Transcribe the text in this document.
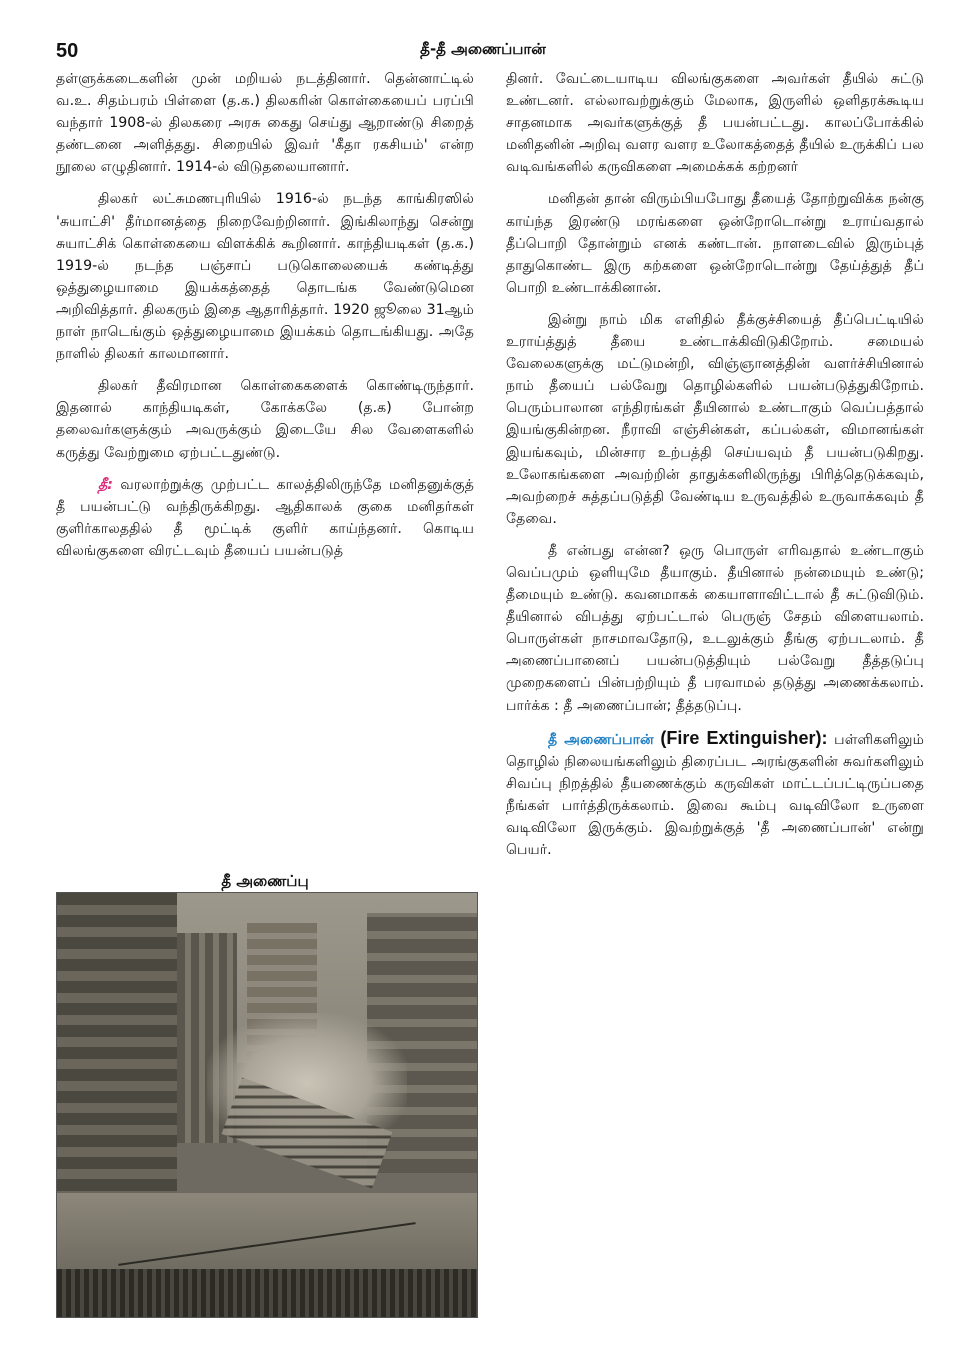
50	தீ-தீ அணைப்பான்

தள்ளுக்கடைகளின் முன் மறியல் நடத்தினார். தென்னாட்டில் வ.உ. சிதம்பரம் பிள்ளை (த.க.) திலகரின் கொள்கையைப் பரப்பி வந்தார் 1908-ல் திலகரை அரசு கைது செய்து ஆறாண்டு சிறைத் தண்டனை அளித்தது. சிறையில் இவர் 'கீதா ரகசியம்' என்ற நூலை எழுதினார். 1914-ல் விடுதலையானார்.

திலகர் லட்சுமணபுரியில் 1916-ல் நடந்த காங்கிரஸில் 'சுயாட்சி' தீர்மானத்தை நிறைவேற்றினார். இங்கிலாந்து சென்று சுயாட்சிக் கொள்கையை விளக்கிக் கூறினார். காந்தியடிகள் (த.க.) 1919-ல் நடந்த பஞ்சாப் படுகொலையைக் கண்டித்து ஒத்துழையாமை இயக்கத்தைத் தொடங்க வேண்டுமென அறிவித்தார். திலகரும் இதை ஆதாரித்தார். 1920 ஜூலை 31ஆம் நாள் நாடெங்கும் ஒத்துழையாமை இயக்கம் தொடங்கியது. அதே நாளில் திலகர் காலமானார்.

திலகர் தீவிரமான கொள்கைகளைக் கொண்டிருந்தார். இதனால் காந்தியடிகள், கோக்கலே (த.க) போன்ற தலைவர்களுக்கும் அவருக்கும் இடையே சில வேளைகளில் கருத்து வேற்றுமை ஏற்பட்டதுண்டு.

தீ: வரலாற்றுக்கு முற்பட்ட காலத்திலிருந்தே மனிதனுக்குத் தீ பயன்பட்டு வந்திருக்கிறது. ஆதிகாலக் குகை மனிதர்கள் குளிர்காலததில் தீ மூட்டிக் குளிர் காய்ந்தனர். கொடிய விலங்குகளை விரட்டவும் தீயைப் பயன்படுத்

தீ அணைப்பு

தினர். வேட்டையாடிய விலங்குகளை அவர்கள் தீயில் சுட்டு உண்டனர். எல்லாவற்றுக்கும் மேலாக, இருளில் ஒளிதரக்கூடிய சாதனமாக அவர்களுக்குத் தீ பயன்பட்டது. காலப்போக்கில் மனிதனின் அறிவு வளர வளர உலோகத்தைத் தீயில் உருக்கிப் பல வடிவங்களில் கருவிகளை அமைக்கக் கற்றனர்

மனிதன் தான் விரும்பியபோது தீயைத் தோற்றுவிக்க நன்கு காய்ந்த இரண்டு மரங்களை ஒன்றோடொன்று உராய்வதால் தீப்பொறி தோன்றும் எனக் கண்டான். நாளடைவில் இரும்புத் தாதுகொண்ட இரு கற்களை ஒன்றோடொன்று தேய்த்துத் தீப் பொறி உண்டாக்கினான்.

இன்று நாம் மிக எளிதில் தீக்குச்சியைத் தீப்பெட்டியில் உராய்த்துத் தீயை உண்டாக்கிவிடுகிறோம். சமையல் வேலைகளுக்கு மட்டுமன்றி, விஞ்ஞானத்தின் வளர்ச்சியினால் நாம் தீயைப் பல்வேறு தொழில்களில் பயன்படுத்துகிறோம். பெரும்பாலான எந்திரங்கள் தீயினால் உண்டாகும் வெப்பத்தால் இயங்குகின்றன. நீராவி எஞ்சின்கள், கப்பல்கள், விமானங்கள் இயங்கவும், மின்சார உற்பத்தி செய்யவும் தீ பயன்படுகிறது. உலோகங்களை அவற்றின் தாதுக்களிலிருந்து பிரித்தெடுக்கவும், அவற்றைச் சுத்தப்படுத்தி வேண்டிய உருவத்தில் உருவாக்கவும் தீ தேவை.

தீ என்பது என்ன? ஒரு பொருள் எரிவதால் உண்டாகும் வெப்பமும் ஒளியுமே தீயாகும். தீயினால் நன்மையும் உண்டு; தீமையும் உண்டு. கவனமாகக் கையாளாவிட்டால் தீ சுட்டுவிடும். தீயினால் விபத்து ஏற்பட்டால் பெருஞ் சேதம் விளையலாம். பொருள்கள் நாசமாவதோடு, உடலுக்கும் தீங்கு ஏற்படலாம். தீ அணைப்பானைப் பயன்படுத்தியும் பல்வேறு தீத்தடுப்பு முறைகளைப் பின்பற்றியும் தீ பரவாமல் தடுத்து அணைக்கலாம். பார்க்க : தீ அணைப்பான்; தீத்தடுப்பு.

தீ அணைப்பான் (Fire Extinguisher): பள்ளிகளிலும் தொழில் நிலையங்களிலும் திரைப்பட அரங்குகளின் சுவர்களிலும் சிவப்பு நிறத்தில் தீயணைக்கும் கருவிகள் மாட்டப்பட்டிருப்பதை நீங்கள் பார்த்திருக்கலாம். இவை கூம்பு வடிவிலோ உருளை வடிவிலோ இருக்கும். இவற்றுக்குத் 'தீ அணைப்பான்' என்று பெயர்.
